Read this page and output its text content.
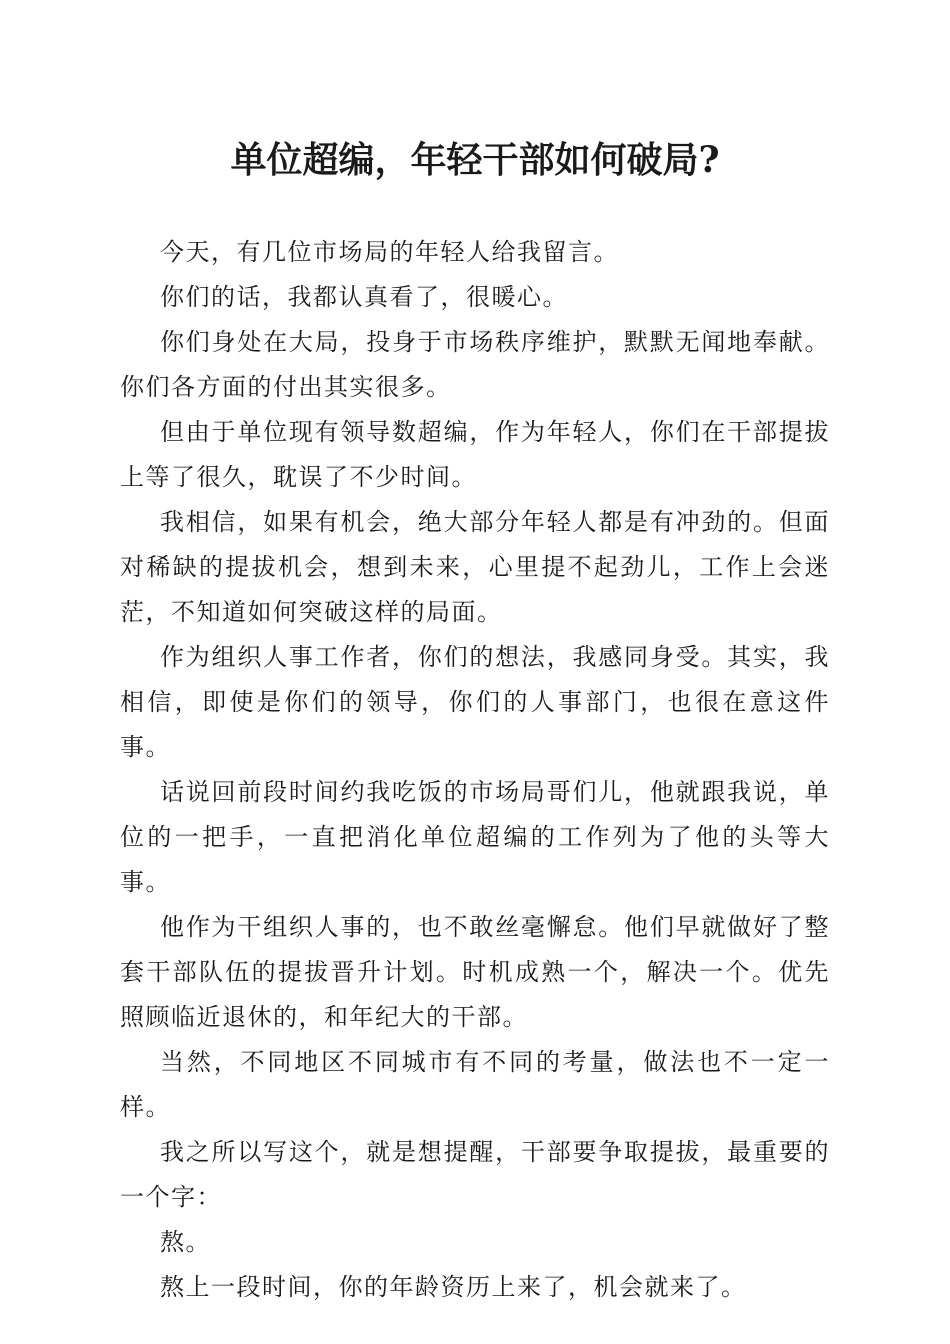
单位超编，年轻干部如何破局?

今天，有几位市场局的年轻人给我留言。

你们的话，我都认真看了，很暖心。

你们身处在大局，投身于市场秩序维护，默默无闻地奉献。你们各方面的付出其实很多。

但由于单位现有领导数超编，作为年轻人，你们在干部提拔上等了很久，耽误了不少时间。

我相信，如果有机会，绝大部分年轻人都是有冲劲的。但面对稀缺的提拔机会，想到未来，心里提不起劲儿，工作上会迷茫，不知道如何突破这样的局面。

作为组织人事工作者，你们的想法，我感同身受。其实，我相信，即使是你们的领导，你们的人事部门，也很在意这件事。

话说回前段时间约我吃饭的市场局哥们儿，他就跟我说，单位的一把手，一直把消化单位超编的工作列为了他的头等大事。

他作为干组织人事的，也不敢丝毫懈怠。他们早就做好了整套干部队伍的提拔晋升计划。时机成熟一个，解决一个。优先照顾临近退休的，和年纪大的干部。

当然，不同地区不同城市有不同的考量，做法也不一定一样。

我之所以写这个，就是想提醒，干部要争取提拔，最重要的一个字：

熬。

熬上一段时间，你的年龄资历上来了，机会就来了。
